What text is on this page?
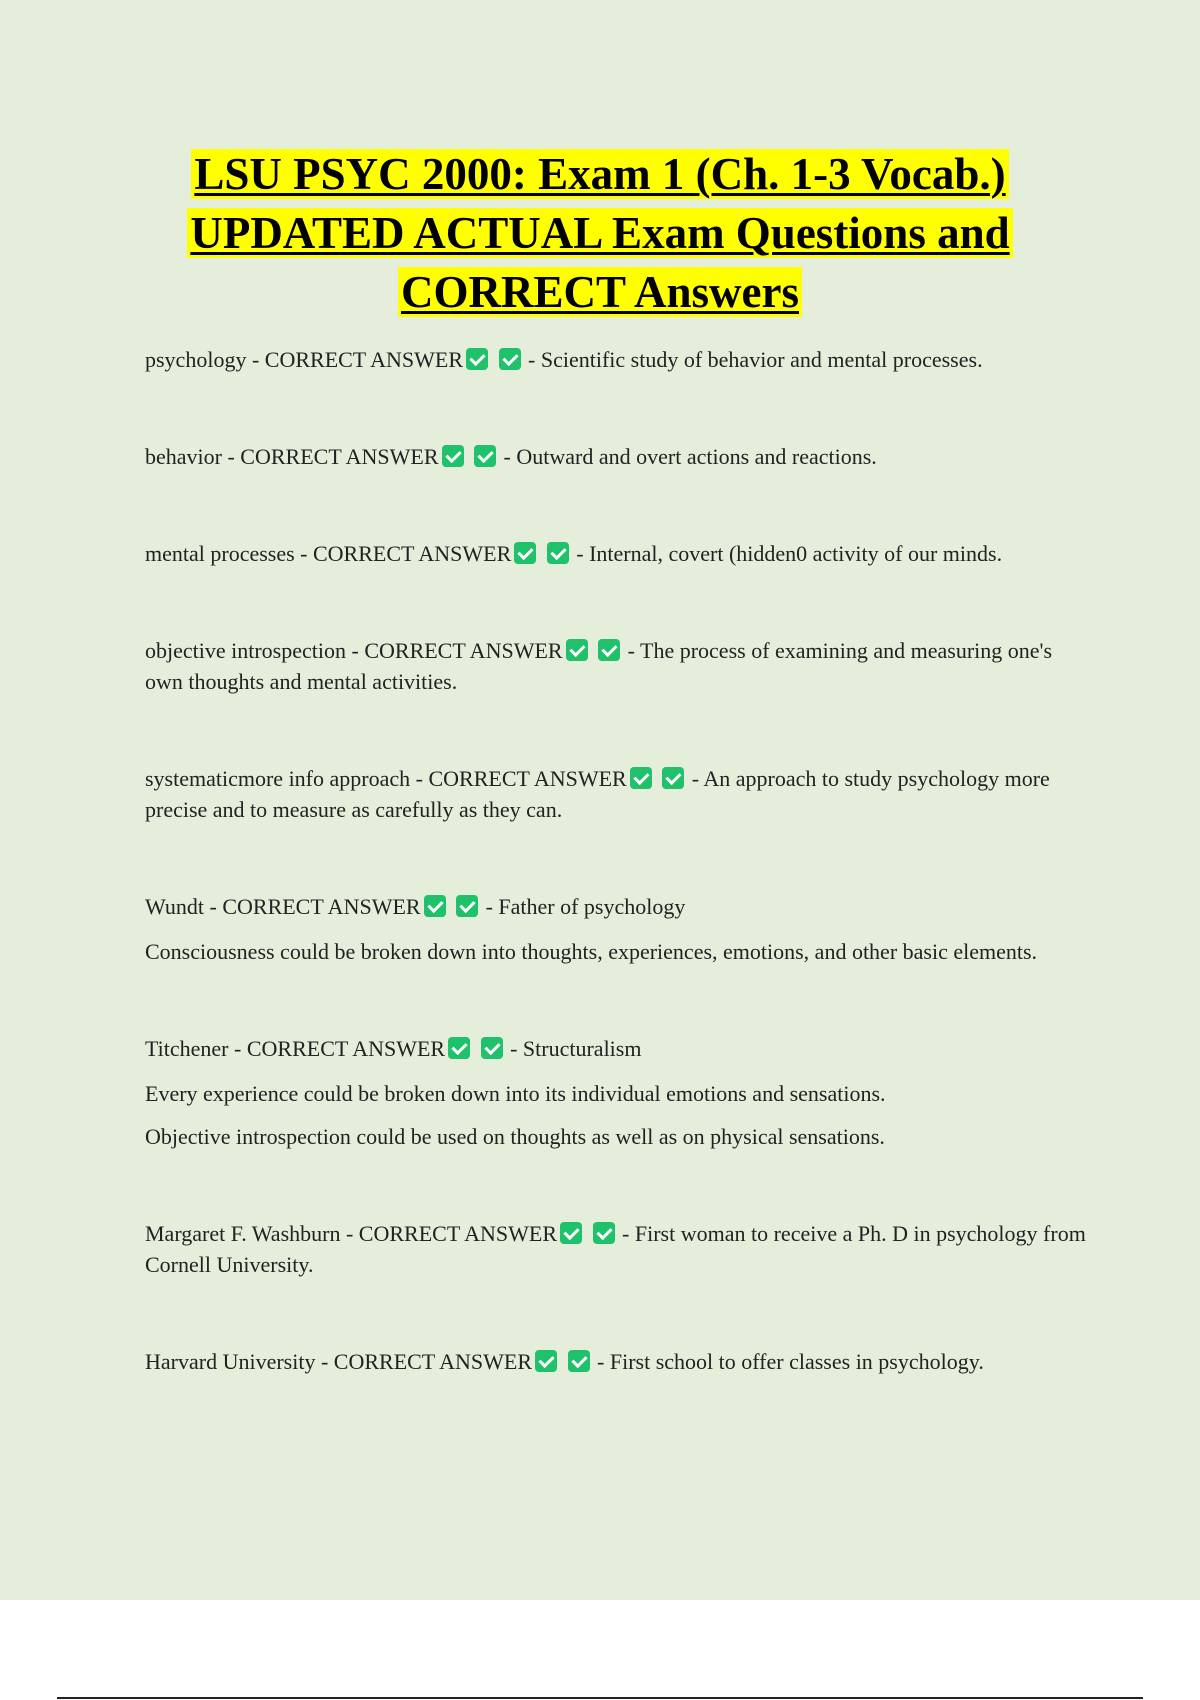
LSU PSYC 2000: Exam 1 (Ch. 1-3 Vocab.)
UPDATED ACTUAL Exam Questions and
CORRECT Answers

psychology - CORRECT ANSWER	- Scientific study of behavior and mental processes.

behavior - CORRECT ANSWER	- Outward and overt actions and reactions.

mental processes - CORRECT ANSWER	- Internal, covert (hidden0 activity of our minds.

objective introspection - CORRECT ANSWER	- The process of examining and measuring one's own thoughts and mental activities.

systematicmore info approach - CORRECT ANSWER	- An approach to study psychology more precise and to measure as carefully as they can.

Wundt - CORRECT ANSWER	- Father of psychology

Consciousness could be broken down into thoughts, experiences, emotions, and other basic elements.

Titchener - CORRECT ANSWER	- Structuralism

Every experience could be broken down into its individual emotions and sensations.

Objective introspection could be used on thoughts as well as on physical sensations.

Margaret F. Washburn - CORRECT ANSWER	- First woman to receive a Ph. D in psychology from Cornell University.

Harvard University - CORRECT ANSWER	- First school to offer classes in psychology.
